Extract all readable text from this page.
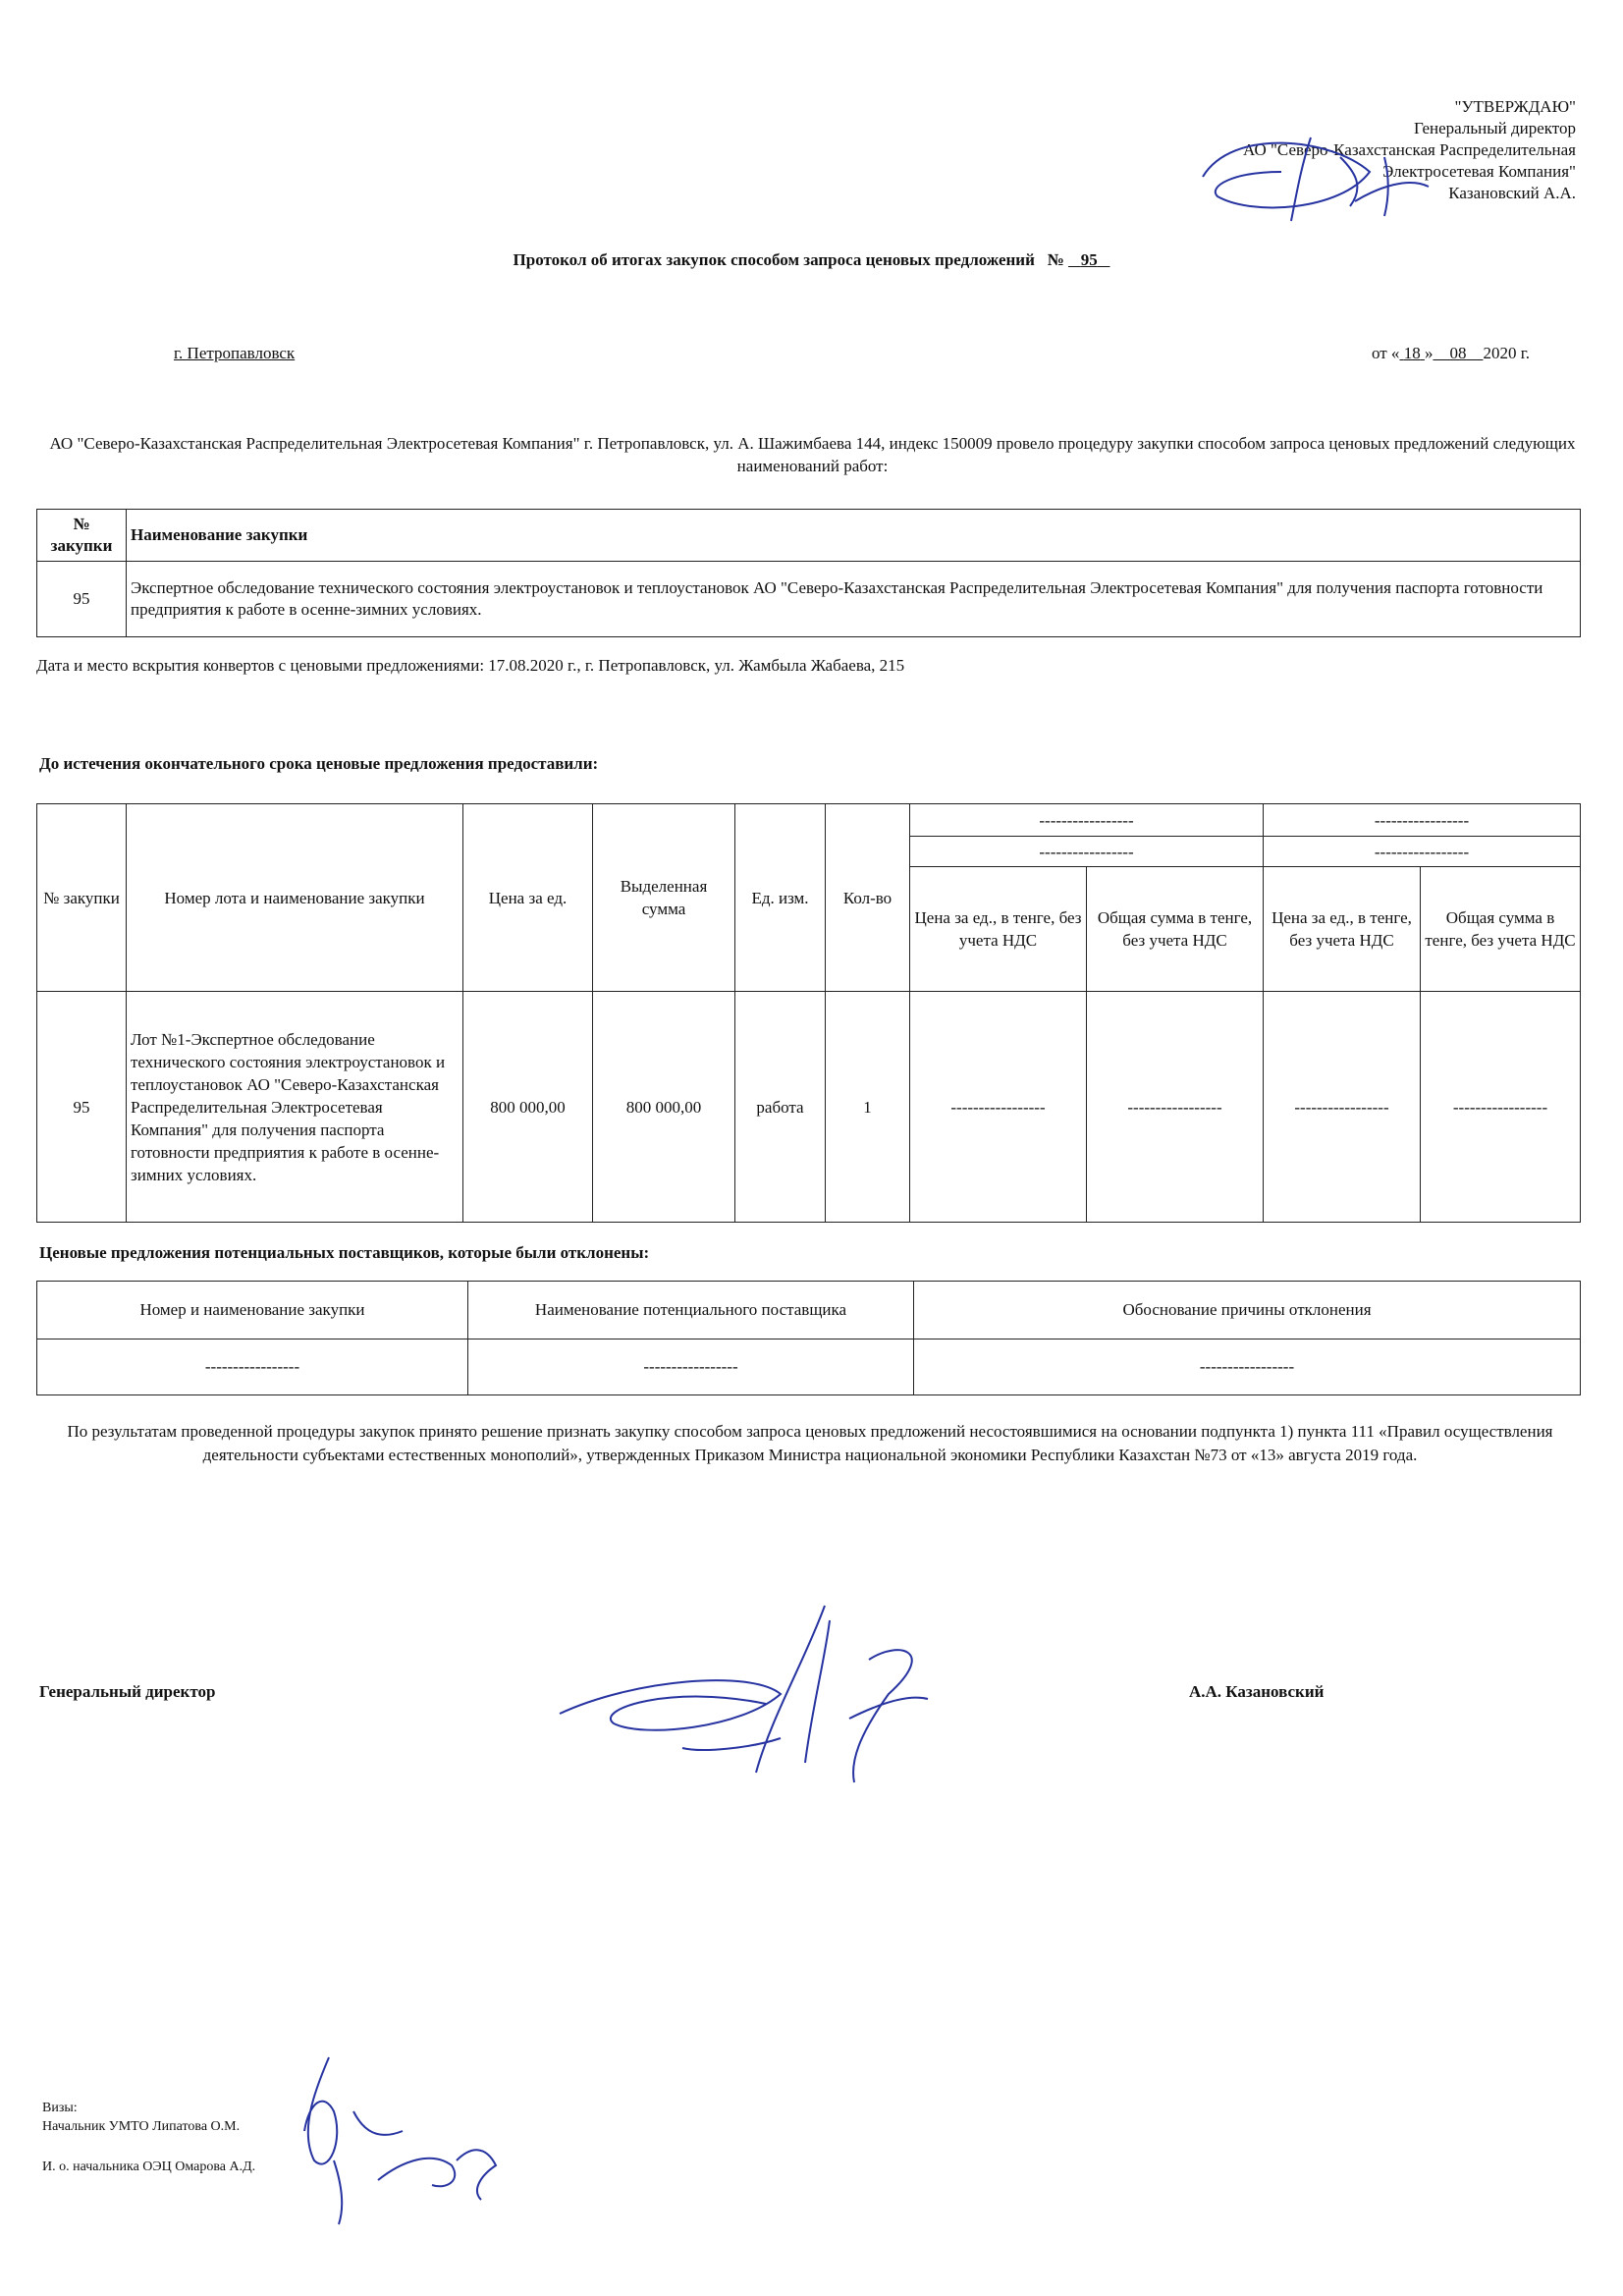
"УТВЕРЖДАЮ"
Генеральный директор
АО "Северо-Казахстанская Распределительная
Электросетевая Компания"
Казановский А.А.
Протокол об итогах закупок способом запроса ценовых предложений № 95
г. Петропавловск	от « 18 » 08 2020 г.
АО "Северо-Казахстанская Распределительная Электросетевая Компания" г. Петропавловск, ул. А. Шажимбаева 144, индекс 150009 провело процедуру закупки способом запроса ценовых предложений следующих наименований работ:
№ закупки	Наименование закупки
95	Экспертное обследование технического состояния электроустановок и теплоустановок АО "Северо-Казахстанская Распределительная Электросетевая Компания" для получения паспорта готовности предприятия к работе в осенне-зимних условиях.
Дата и место вскрытия конвертов с ценовыми предложениями: 17.08.2020 г., г. Петропавловск, ул. Жамбыла Жабаева, 215
До истечения окончательного срока ценовые предложения предоставили:
№ закупки	Номер лота и наименование закупки	Цена за ед.	Выделенная сумма	Ед. изм.	Кол-во	-----------------		-----------------	
						-----------------		-----------------	
						Цена за ед., в тенге, без учета НДС	Общая сумма в тенге, без учета НДС	Цена за ед., в тенге, без учета НДС	Общая сумма в тенге, без учета НДС
95	Лот №1-Экспертное обследование технического состояния электроустановок и теплоустановок АО "Северо-Казахстанская Распределительная Электросетевая Компания" для получения паспорта готовности предприятия к работе в осенне-зимних условиях.	800 000,00	800 000,00	работа	1	-----------------	-----------------	-----------------	-----------------
Ценовые предложения потенциальных поставщиков, которые были отклонены:
Номер и наименование закупки	Наименование потенциального поставщика	Обоснование причины отклонения
-----------------	-----------------	-----------------
По результатам проведенной процедуры закупок принято решение признать закупку способом запроса ценовых предложений несостоявшимися на основании подпункта 1) пункта 111 «Правил осуществления деятельности субъектами естественных монополий», утвержденных Приказом Министра национальной экономики Республики Казахстан №73 от «13» августа 2019 года.
Генеральный директор	А.А. Казановский

Визы:

Начальник УМТО Липатова О.М.

И. о. начальника ОЭЦ Омарова А.Д.
